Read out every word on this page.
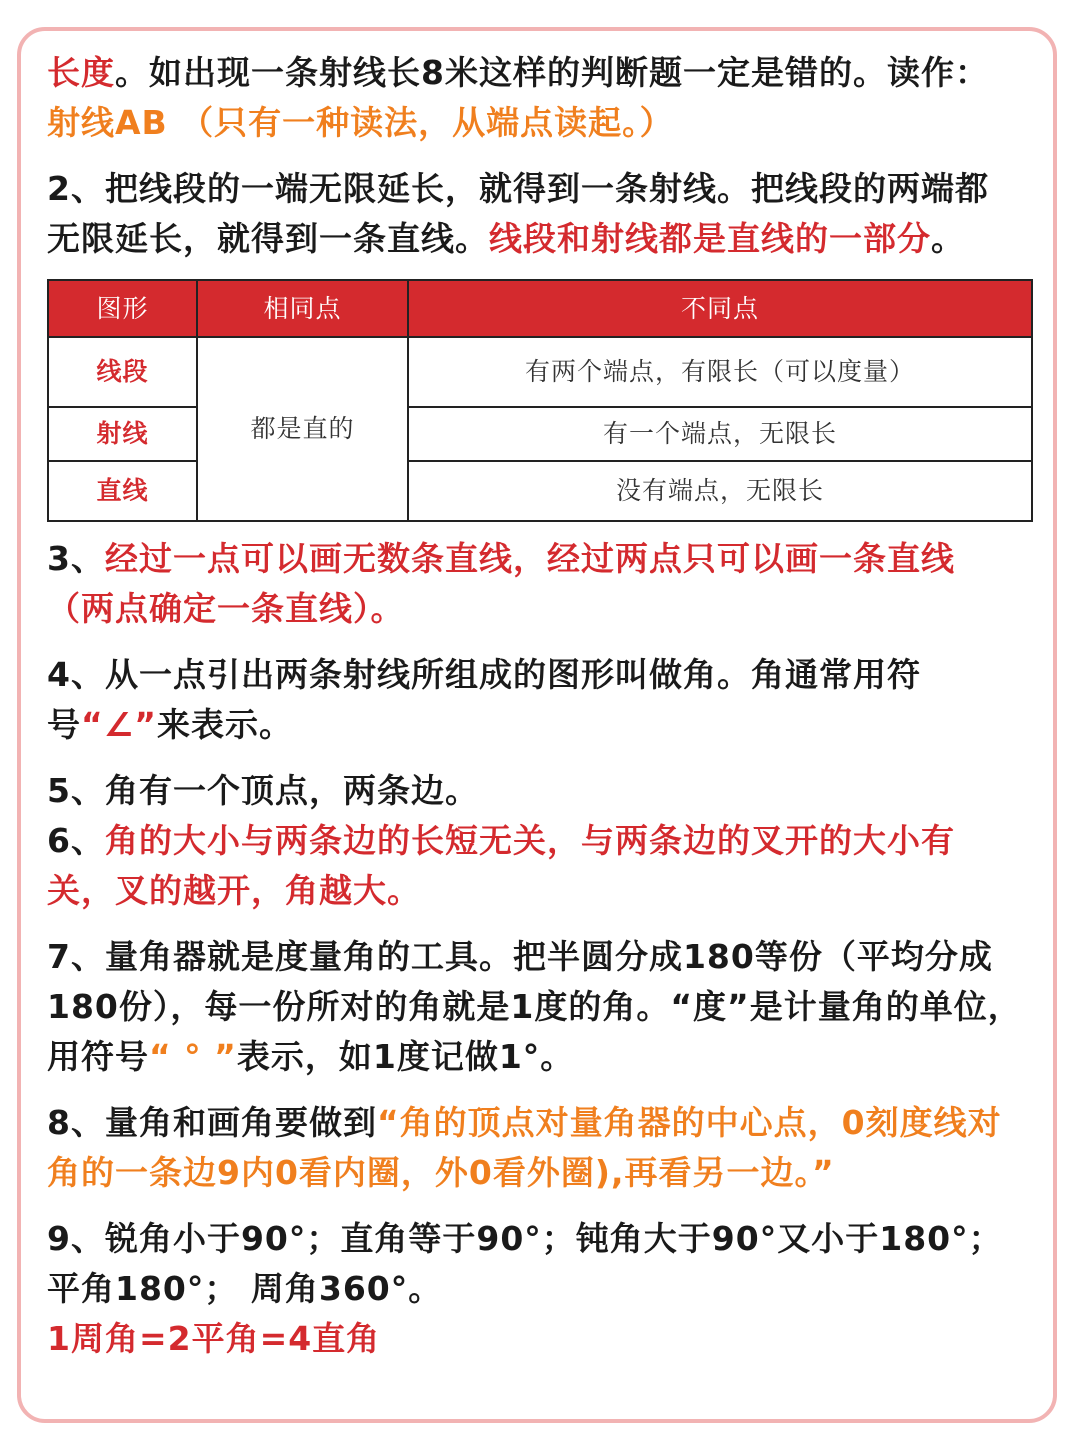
长度。如出现一条射线长8米这样的判断题一定是错的。读作：射线AB （只有一种读法，从端点读起。）

2、把线段的一端无限延长，就得到一条射线。把线段的两端都无限延长，就得到一条直线。线段和射线都是直线的一部分。

图形	相同点	不同点
线段	都是直的	有两个端点，有限长（可以度量）
射线		有一个端点，无限长
直线		没有端点，无限长

3、经过一点可以画无数条直线，经过两点只可以画一条直线（两点确定一条直线）。

4、从一点引出两条射线所组成的图形叫做角。角通常用符号“∠”来表示。

5、角有一个顶点，两条边。

6、角的大小与两条边的长短无关，与两条边的叉开的大小有关，叉的越开，角越大。

7、量角器就是度量角的工具。把半圆分成180等份（平均分成180份），每一份所对的角就是1度的角。“度”是计量角的单位，用符号“ ° ”表示，如1度记做1°。

8、量角和画角要做到“角的顶点对量角器的中心点，0刻度线对角的一条边9内0看内圈，外0看外圈),再看另一边。”

9、锐角小于90°；直角等于90°；钝角大于90°又小于180°；平角180°； 周角360°。

1周角=2平角=4直角
